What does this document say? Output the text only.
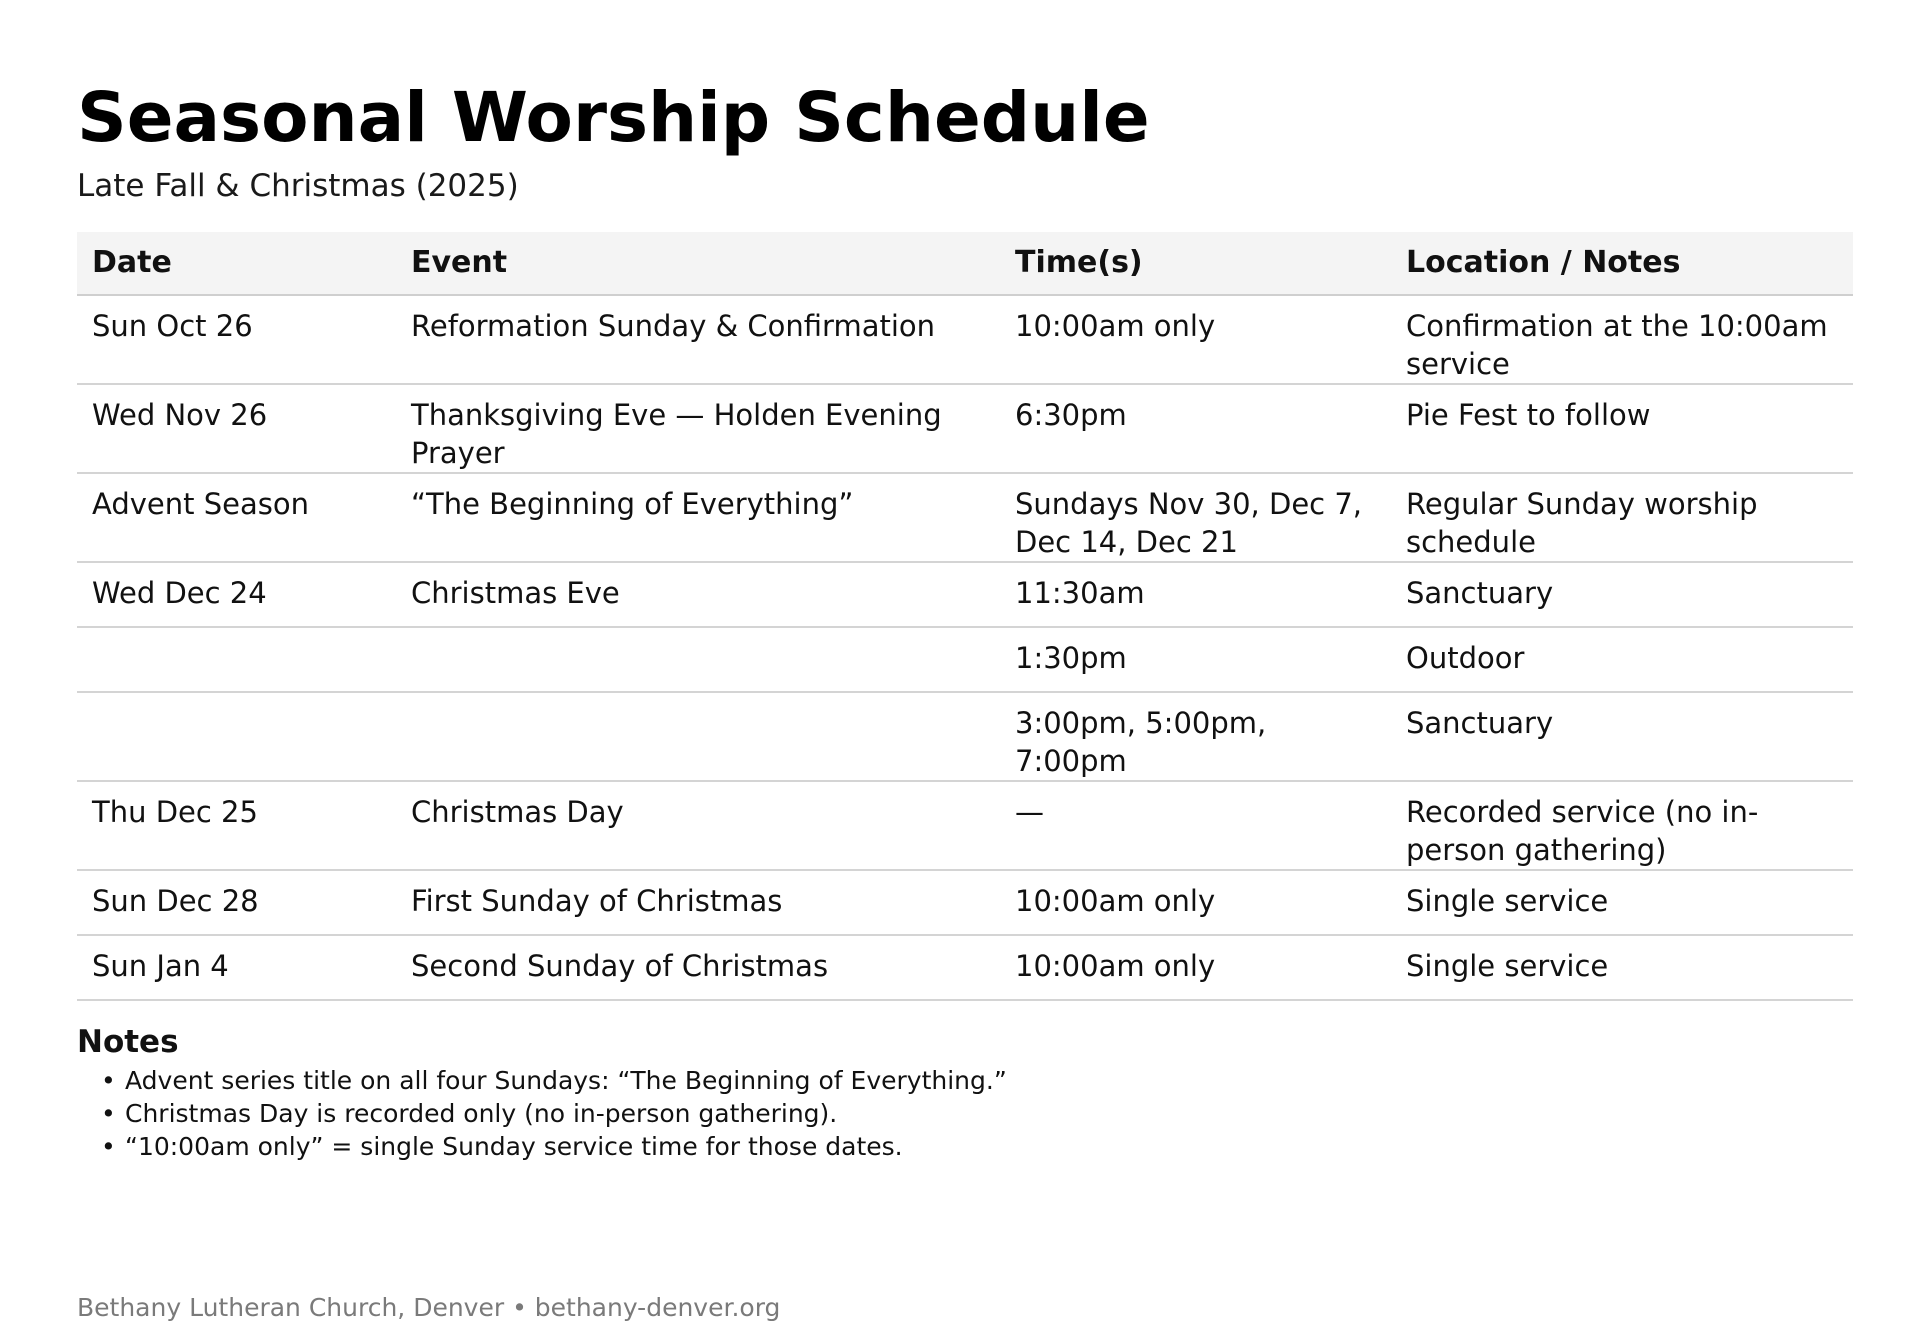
Seasonal Worship Schedule
Late Fall & Christmas (2025)
Date	Event	Time(s)	Location / Notes
Sun Oct 26	Reformation Sunday & Confirmation	10:00am only	Confirmation at the 10:00am service
Wed Nov 26	Thanksgiving Eve — Holden Evening Prayer	6:30pm	Pie Fest to follow
Advent Season	“The Beginning of Everything”	Sundays Nov 30, Dec 7, Dec 14, Dec 21	Regular Sunday worship schedule
Wed Dec 24	Christmas Eve	11:30am	Sanctuary
		1:30pm	Outdoor
		3:00pm, 5:00pm, 7:00pm	Sanctuary
Thu Dec 25	Christmas Day	—	Recorded service (no in-person gathering)
Sun Dec 28	First Sunday of Christmas	10:00am only	Single service
Sun Jan 4	Second Sunday of Christmas	10:00am only	Single service
Notes
• Advent series title on all four Sundays: “The Beginning of Everything.”
• Christmas Day is recorded only (no in-person gathering).
• “10:00am only” = single Sunday service time for those dates.
Bethany Lutheran Church, Denver • bethany-denver.org
